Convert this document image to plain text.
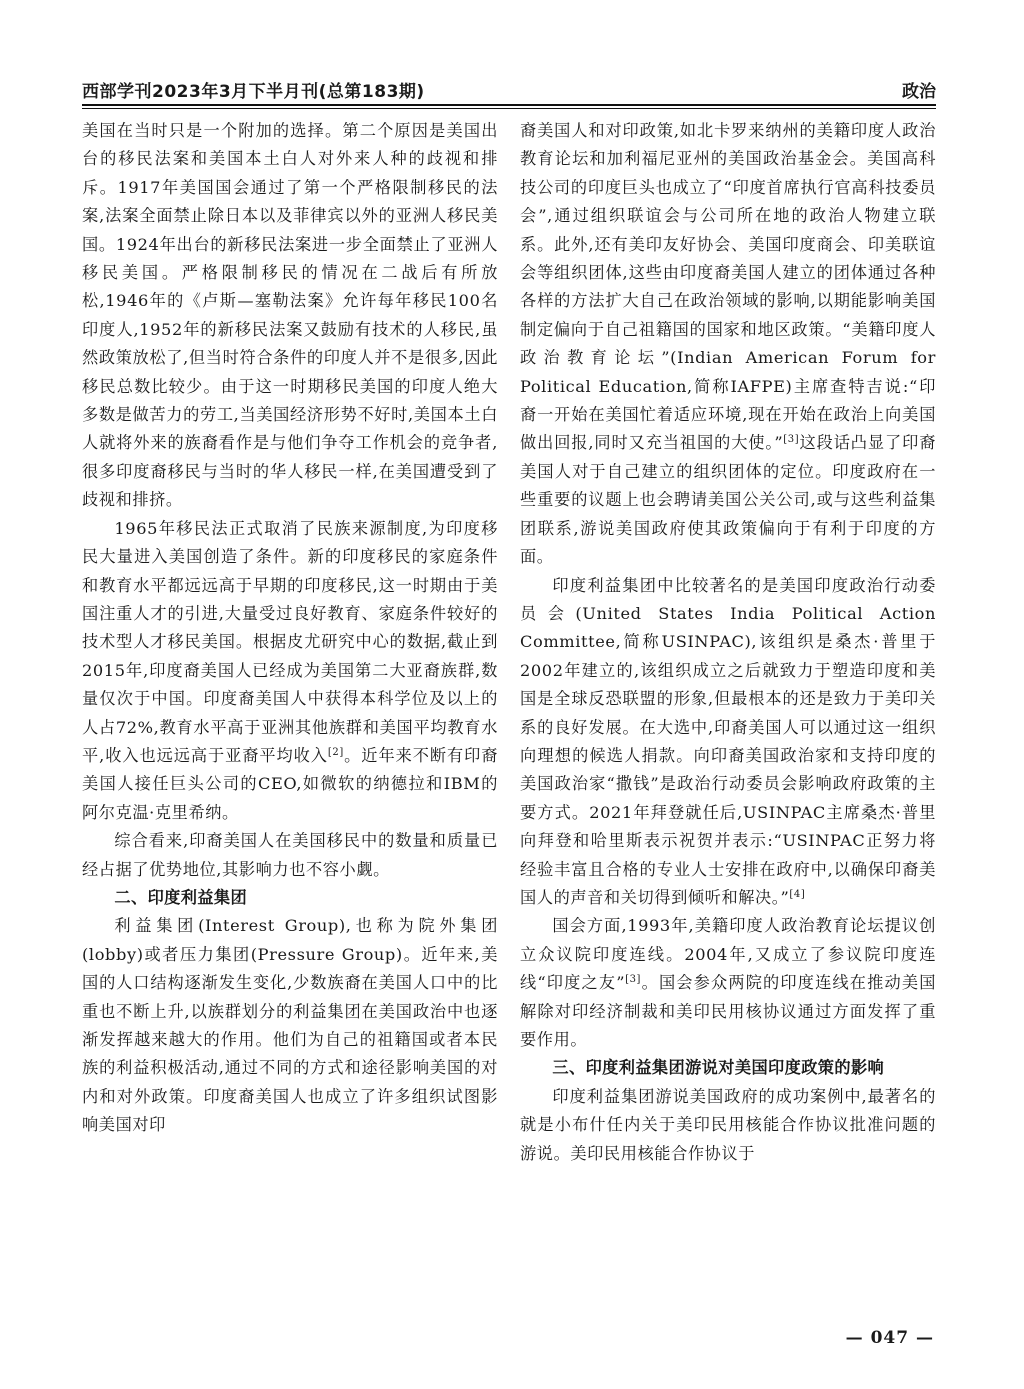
西部学刊2023年3月下半月刊(总第183期)	政治

美国在当时只是一个附加的选择。第二个原因是美国出台的移民法案和美国本土白人对外来人种的歧视和排斥。1917年美国国会通过了第一个严格限制移民的法案,法案全面禁止除日本以及菲律宾以外的亚洲人移民美国。1924年出台的新移民法案进一步全面禁止了亚洲人移民美国。严格限制移民的情况在二战后有所放松,1946年的《卢斯—塞勒法案》允许每年移民100名印度人,1952年的新移民法案又鼓励有技术的人移民,虽然政策放松了,但当时符合条件的印度人并不是很多,因此移民总数比较少。由于这一时期移民美国的印度人绝大多数是做苦力的劳工,当美国经济形势不好时,美国本土白人就将外来的族裔看作是与他们争夺工作机会的竞争者,很多印度裔移民与当时的华人移民一样,在美国遭受到了歧视和排挤。

1965年移民法正式取消了民族来源制度,为印度移民大量进入美国创造了条件。新的印度移民的家庭条件和教育水平都远远高于早期的印度移民,这一时期由于美国注重人才的引进,大量受过良好教育、家庭条件较好的技术型人才移民美国。根据皮尤研究中心的数据,截止到2015年,印度裔美国人已经成为美国第二大亚裔族群,数量仅次于中国。印度裔美国人中获得本科学位及以上的人占72%,教育水平高于亚洲其他族群和美国平均教育水平,收入也远远高于亚裔平均收入[2]。近年来不断有印裔美国人接任巨头公司的CEO,如微软的纳德拉和IBM的阿尔克温·克里希纳。

综合看来,印裔美国人在美国移民中的数量和质量已经占据了优势地位,其影响力也不容小觑。

二、印度利益集团

利益集团(Interest Group),也称为院外集团(lobby)或者压力集团(Pressure Group)。近年来,美国的人口结构逐渐发生变化,少数族裔在美国人口中的比重也不断上升,以族群划分的利益集团在美国政治中也逐渐发挥越来越大的作用。他们为自己的祖籍国或者本民族的利益积极活动,通过不同的方式和途径影响美国的对内和对外政策。印度裔美国人也成立了许多组织试图影响美国对印

裔美国人和对印政策,如北卡罗来纳州的美籍印度人政治教育论坛和加利福尼亚州的美国政治基金会。美国高科技公司的印度巨头也成立了“印度首席执行官高科技委员会”,通过组织联谊会与公司所在地的政治人物建立联系。此外,还有美印友好协会、美国印度商会、印美联谊会等组织团体,这些由印度裔美国人建立的团体通过各种各样的方法扩大自己在政治领域的影响,以期能影响美国制定偏向于自己祖籍国的国家和地区政策。“美籍印度人政治教育论坛”(Indian American Forum for Political Education,简称IAFPE)主席查特吉说:“印裔一开始在美国忙着适应环境,现在开始在政治上向美国做出回报,同时又充当祖国的大使。”[3]这段话凸显了印裔美国人对于自己建立的组织团体的定位。印度政府在一些重要的议题上也会聘请美国公关公司,或与这些利益集团联系,游说美国政府使其政策偏向于有利于印度的方面。

印度利益集团中比较著名的是美国印度政治行动委员会(United States India Political Action Committee,简称USINPAC),该组织是桑杰·普里于2002年建立的,该组织成立之后就致力于塑造印度和美国是全球反恐联盟的形象,但最根本的还是致力于美印关系的良好发展。在大选中,印裔美国人可以通过这一组织向理想的候选人捐款。向印裔美国政治家和支持印度的美国政治家“撒钱”是政治行动委员会影响政府政策的主要方式。2021年拜登就任后,USINPAC主席桑杰·普里向拜登和哈里斯表示祝贺并表示:“USINPAC正努力将经验丰富且合格的专业人士安排在政府中,以确保印裔美国人的声音和关切得到倾听和解决。”[4]

国会方面,1993年,美籍印度人政治教育论坛提议创立众议院印度连线。2004年,又成立了参议院印度连线“印度之友”[3]。国会参众两院的印度连线在推动美国解除对印经济制裁和美印民用核协议通过方面发挥了重要作用。

三、印度利益集团游说对美国印度政策的影响

印度利益集团游说美国政府的成功案例中,最著名的就是小布什任内关于美印民用核能合作协议批准问题的游说。美印民用核能合作协议于

— 047 —
